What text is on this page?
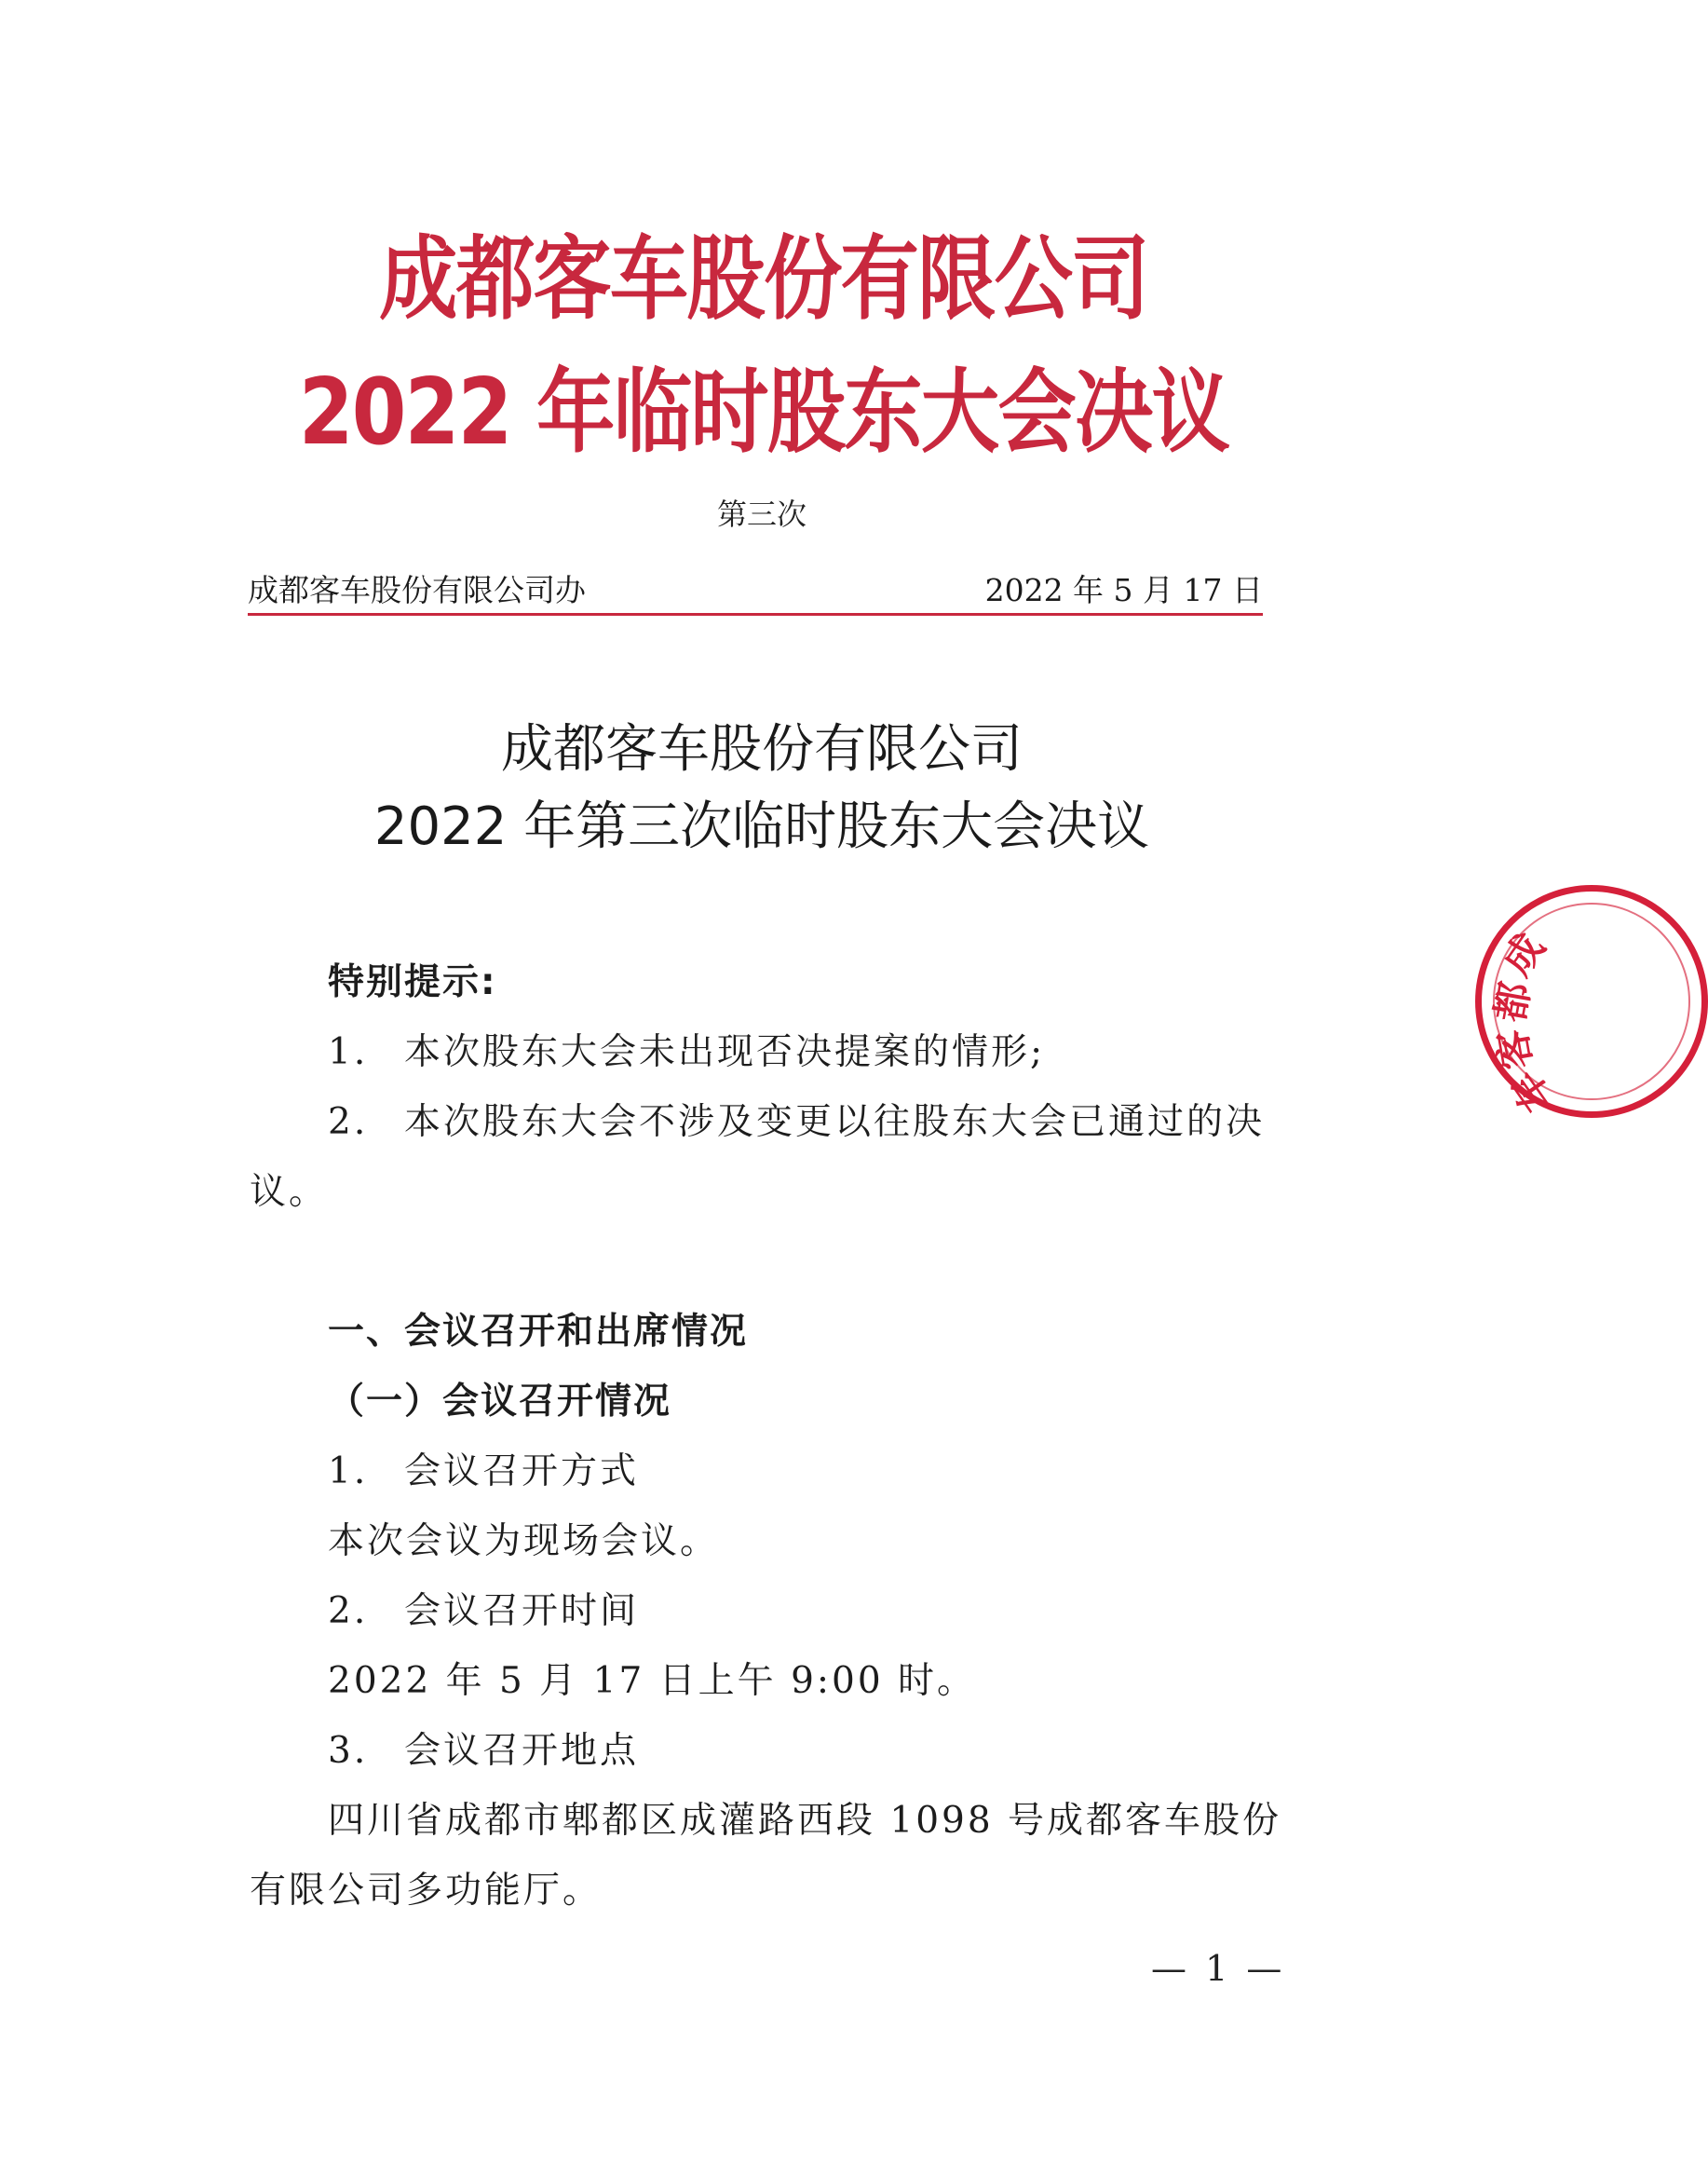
成都客车股份有限公司
2022 年临时股东大会决议
第三次
成都客车股份有限公司办	2022 年 5 月 17 日
成都客车股份有限公司
2022 年第三次临时股东大会决议
特别提示:
1. 本次股东大会未出现否决提案的情形;
2. 本次股东大会不涉及变更以往股东大会已通过的决
议。
一、会议召开和出席情况
（一）会议召开情况
1. 会议召开方式
本次会议为现场会议。
2. 会议召开时间
2022 年 5 月 17 日上午 9:00 时。
3. 会议召开地点
四川省成都市郫都区成灌路西段 1098 号成都客车股份
有限公司多功能厅。
成
都
客
车
— 1 —
